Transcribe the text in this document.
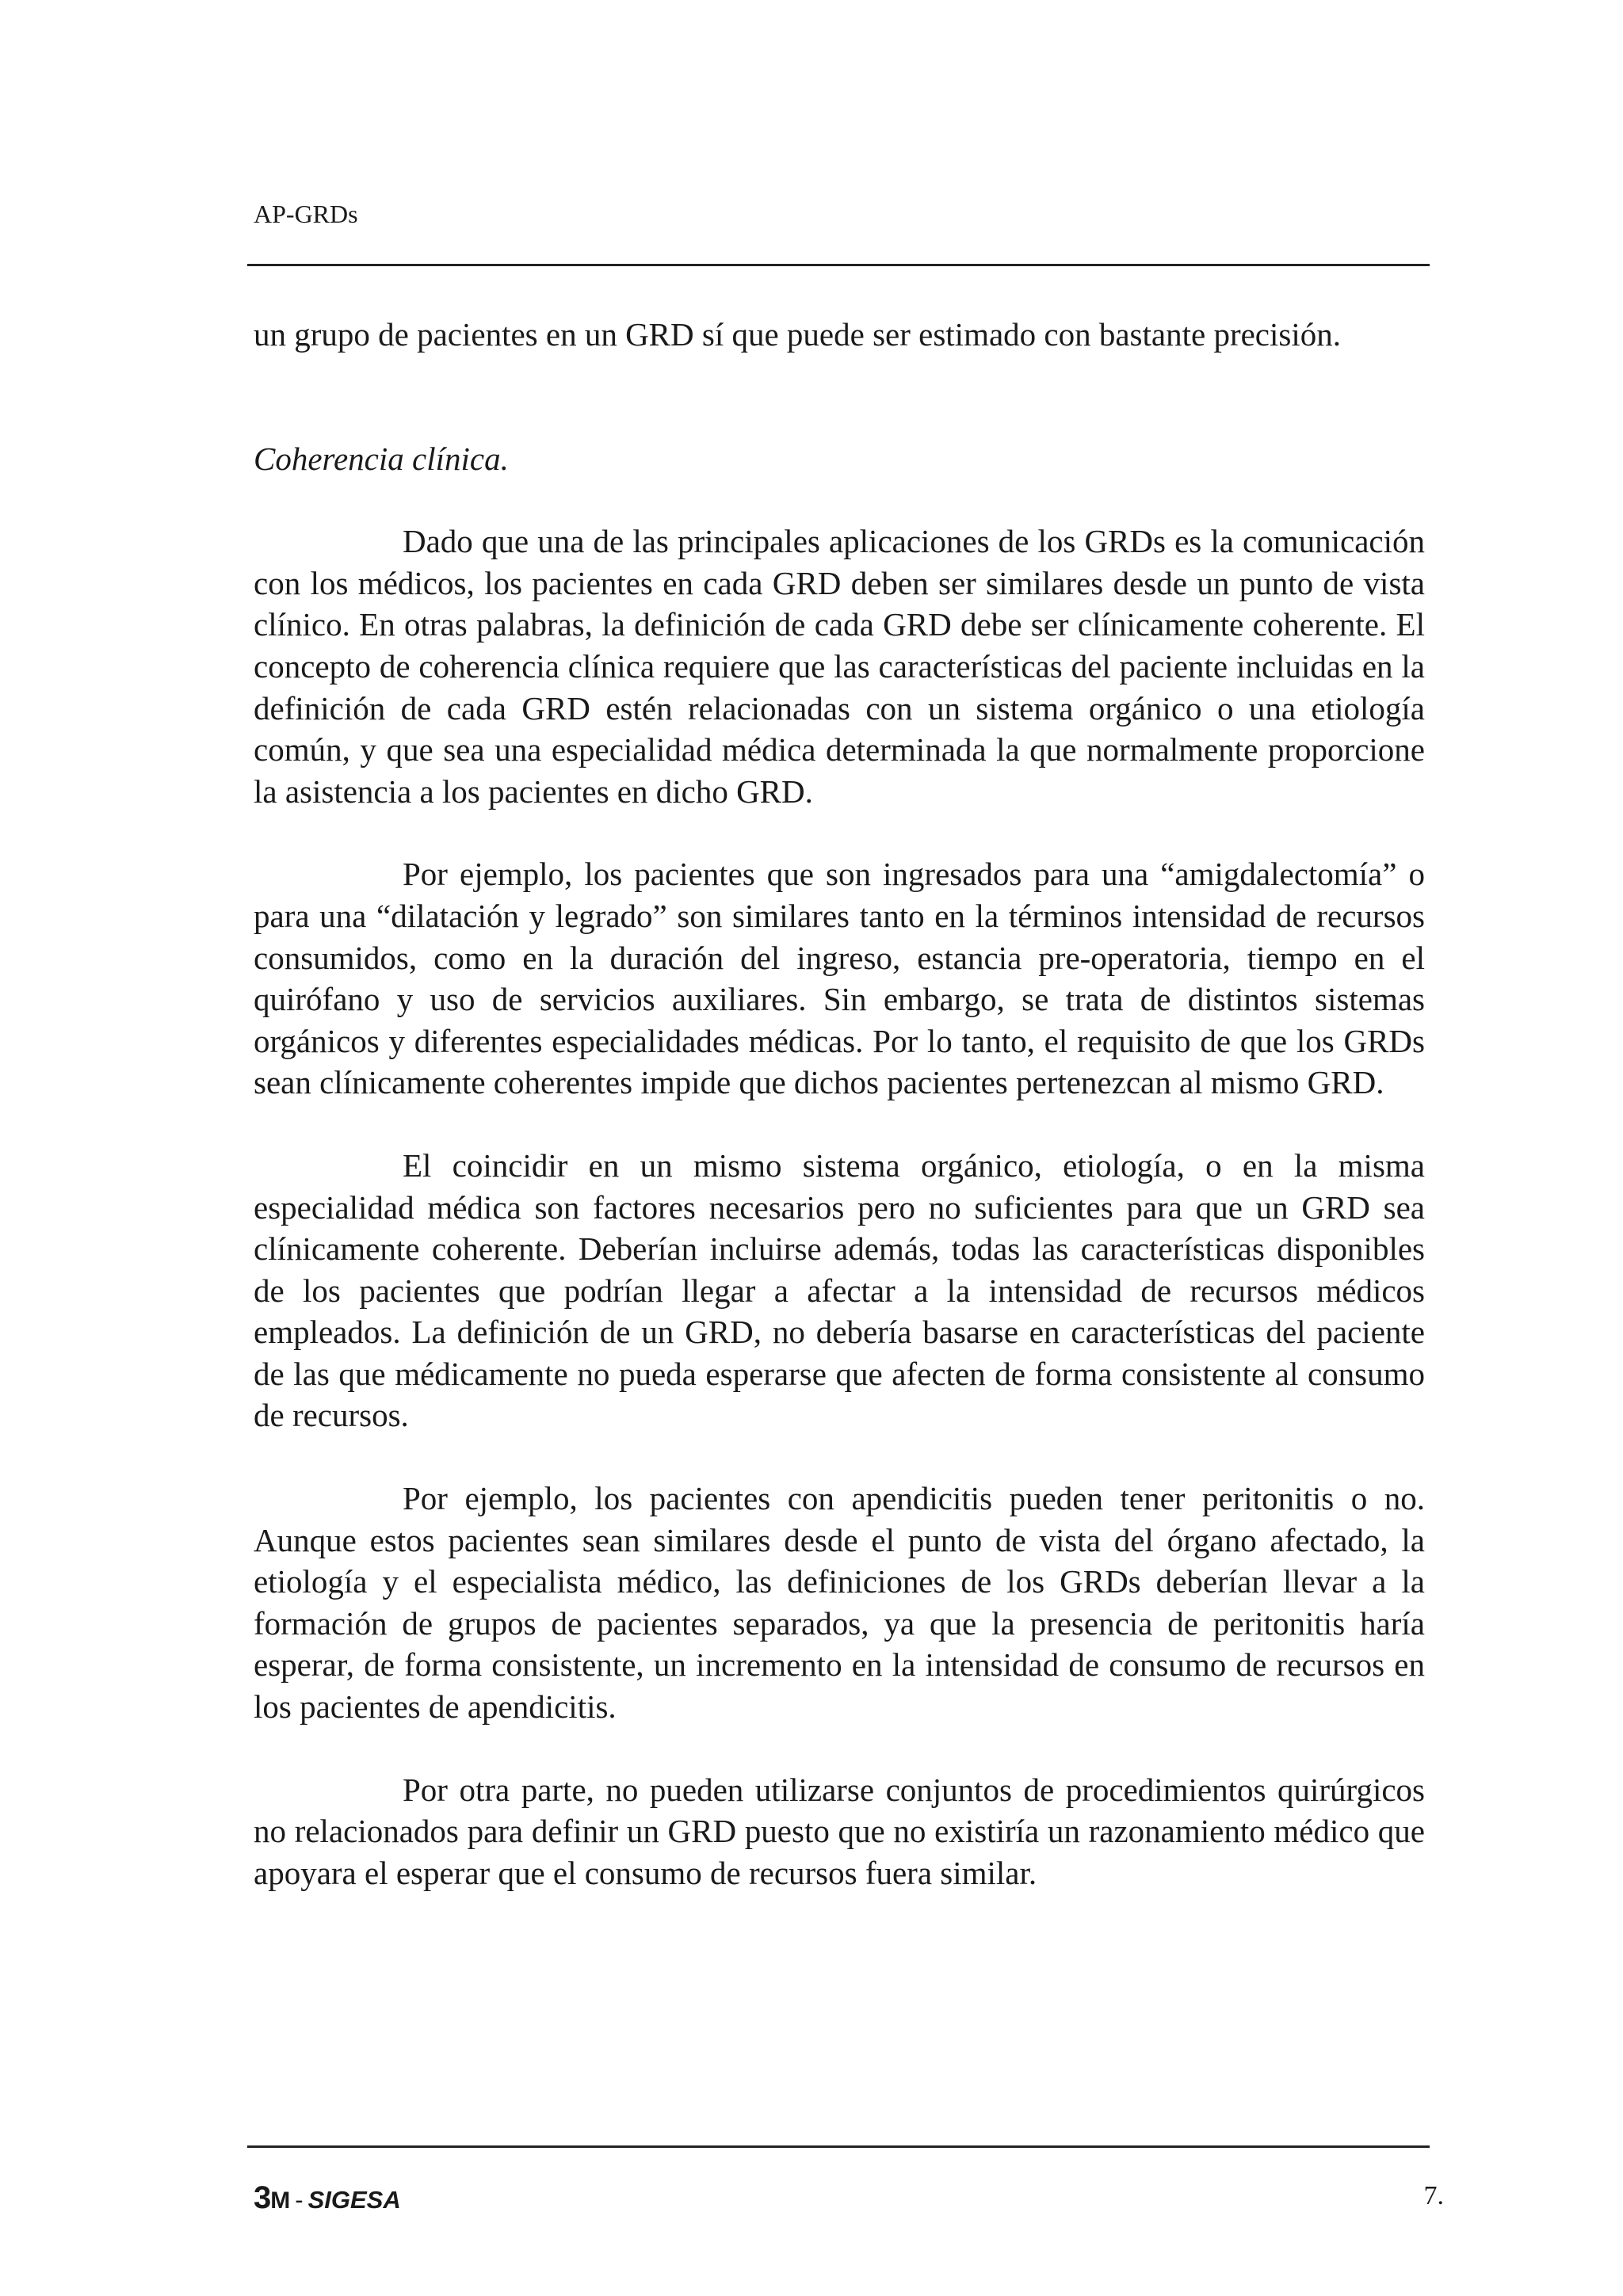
AP-GRDs

un grupo de pacientes en un GRD sí que puede ser estimado con bastante precisión.

Coherencia clínica.

Dado que una de las principales aplicaciones de los GRDs es la comunicación con los médicos, los pacientes en cada GRD deben ser similares desde un punto de vista clínico. En otras palabras, la definición de cada GRD debe ser clínicamente coherente. El concepto de coherencia clínica requiere que las características del paciente incluidas en la definición de cada GRD estén relacionadas con un sistema orgánico o una etiología común, y que sea una especialidad médica determinada la que normalmente proporcione la asistencia a los pacientes en dicho GRD.

Por ejemplo, los pacientes que son ingresados para una “amigdalectomía” o para una “dilatación y legrado” son similares tanto en la términos intensidad de recursos consumidos, como en la duración del ingreso, estancia pre-operatoria, tiempo en el quirófano y uso de servicios auxiliares. Sin embargo, se trata de distintos sistemas orgánicos y diferentes especialidades médicas. Por lo tanto, el requisito de que los GRDs sean clínicamente coherentes impide que dichos pacientes pertenezcan al mismo GRD.

El coincidir en un mismo sistema orgánico, etiología, o en la misma especialidad médica son factores necesarios pero no suficientes para que un GRD sea clínicamente coherente. Deberían incluirse además, todas las características disponibles de los pacientes que podrían llegar a afectar a la intensidad de recursos médicos empleados. La definición de un GRD, no debería basarse en características del paciente de las que médicamente no pueda esperarse que afecten de forma consistente al consumo de recursos.

Por ejemplo, los pacientes con apendicitis pueden tener peritonitis o no. Aunque estos pacientes sean similares desde el punto de vista del órgano afectado, la etiología y el especialista médico, las definiciones de los GRDs deberían llevar a la formación de grupos de pacientes separados, ya que la presencia de peritonitis haría esperar, de forma consistente, un incremento en la intensidad de consumo de recursos en los pacientes de apendicitis.

Por otra parte, no pueden utilizarse conjuntos de procedimientos quirúrgicos no relacionados para definir un GRD puesto que no existiría un razonamiento médico que apoyara el esperar que el consumo de recursos fuera similar.

3M - SIGESA	7.
